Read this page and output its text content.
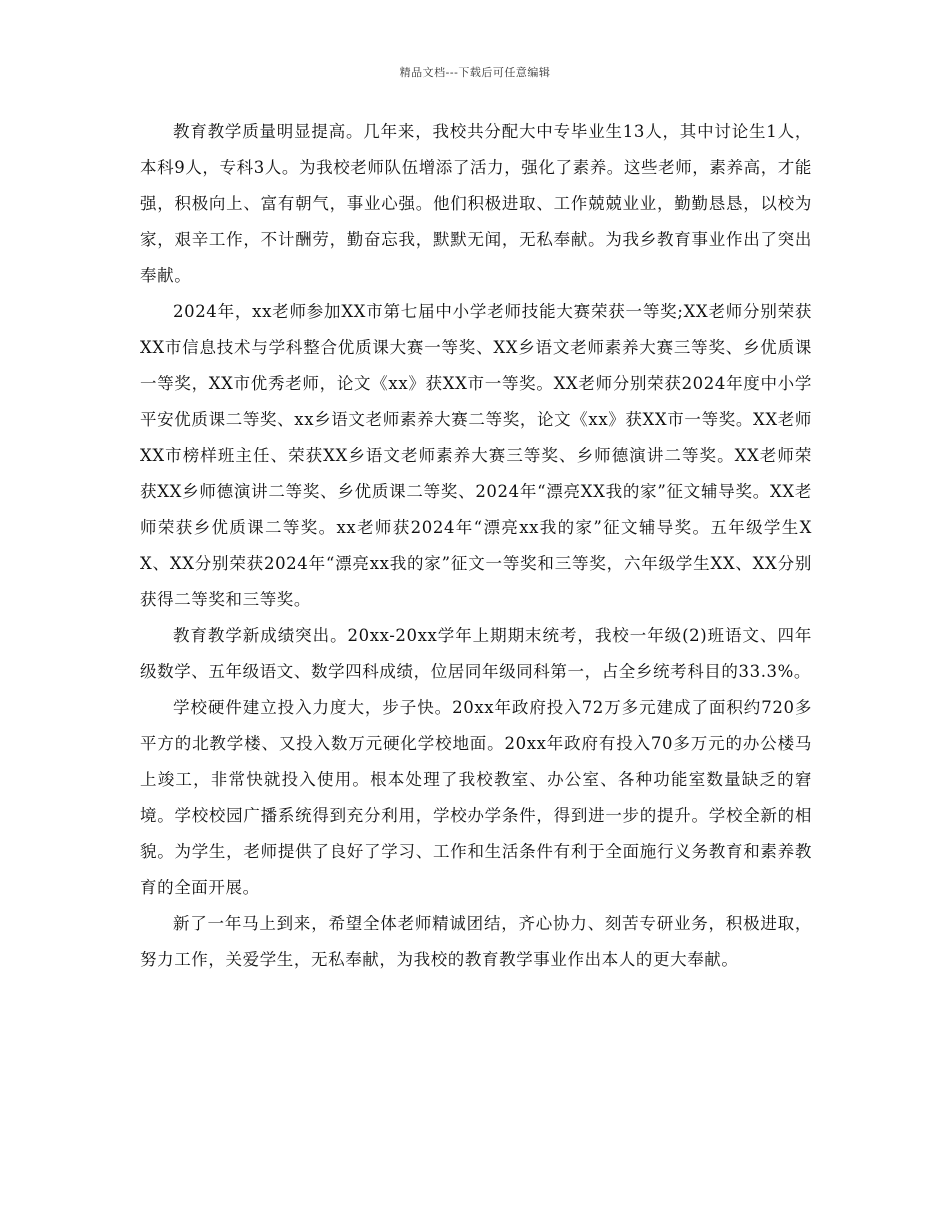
精品文档---下载后可任意编辑

教育教学质量明显提高。几年来，我校共分配大中专毕业生13人，其中讨论生1人，本科9人，专科3人。为我校老师队伍增添了活力，强化了素养。这些老师，素养高，才能强，积极向上、富有朝气，事业心强。他们积极进取、工作兢兢业业，勤勤恳恳，以校为家，艰辛工作，不计酬劳，勤奋忘我，默默无闻，无私奉献。为我乡教育事业作出了突出奉献。

2024年，xx老师参加XX市第七届中小学老师技能大赛荣获一等奖;XX老师分别荣获XX市信息技术与学科整合优质课大赛一等奖、XX乡语文老师素养大赛三等奖、乡优质课一等奖，XX市优秀老师，论文《xx》获XX市一等奖。XX老师分别荣获2024年度中小学平安优质课二等奖、xx乡语文老师素养大赛二等奖，论文《xx》获XX市一等奖。XX老师XX市榜样班主任、荣获XX乡语文老师素养大赛三等奖、乡师德演讲二等奖。XX老师荣获XX乡师德演讲二等奖、乡优质课二等奖、2024年“漂亮XX我的家”征文辅导奖。XX老师荣获乡优质课二等奖。xx老师获2024年“漂亮xx我的家”征文辅导奖。五年级学生XX、XX分别荣获2024年“漂亮xx我的家”征文一等奖和三等奖，六年级学生XX、XX分别获得二等奖和三等奖。

教育教学新成绩突出。20xx-20xx学年上期期末统考，我校一年级(2)班语文、四年级数学、五年级语文、数学四科成绩，位居同年级同科第一，占全乡统考科目的33.3%。

学校硬件建立投入力度大，步子快。20xx年政府投入72万多元建成了面积约720多平方的北教学楼、又投入数万元硬化学校地面。20xx年政府有投入70多万元的办公楼马上竣工，非常快就投入使用。根本处理了我校教室、办公室、各种功能室数量缺乏的窘境。学校校园广播系统得到充分利用，学校办学条件，得到进一步的提升。学校全新的相貌。为学生，老师提供了良好了学习、工作和生活条件有利于全面施行义务教育和素养教育的全面开展。

新了一年马上到来，希望全体老师精诚团结，齐心协力、刻苦专研业务，积极进取，努力工作，关爱学生，无私奉献，为我校的教育教学事业作出本人的更大奉献。
